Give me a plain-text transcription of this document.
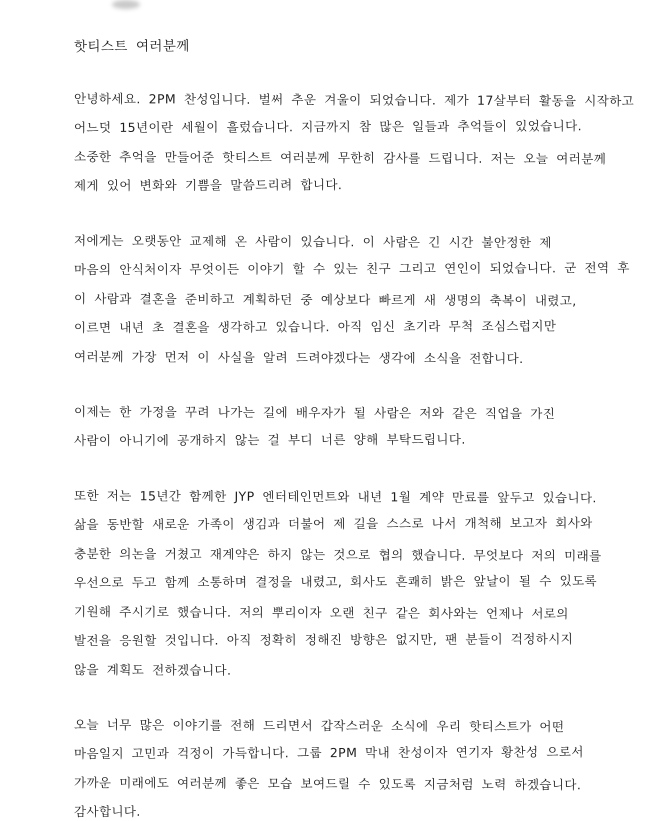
핫티스트 여러분께
안녕하세요. 2PM 찬성입니다. 벌써 추운 겨울이 되었습니다. 제가 17살부터 활동을 시작하고
어느덧 15년이란 세월이 흘렀습니다. 지금까지 참 많은 일들과 추억들이 있었습니다.
소중한 추억을 만들어준 핫티스트 여러분께 무한히 감사를 드립니다. 저는 오늘 여러분께
제게 있어 변화와 기쁨을 말씀드리려 합니다.
저에게는 오랫동안 교제해 온 사람이 있습니다. 이 사람은 긴 시간 불안정한 제
마음의 안식처이자 무엇이든 이야기 할 수 있는 친구 그리고 연인이 되었습니다. 군 전역 후
이 사람과 결혼을 준비하고 계획하던 중 예상보다 빠르게 새 생명의 축복이 내렸고,
이르면 내년 초 결혼을 생각하고 있습니다. 아직 임신 초기라 무척 조심스럽지만
여러분께 가장 먼저 이 사실을 알려 드려야겠다는 생각에 소식을 전합니다.
이제는 한 가정을 꾸려 나가는 길에 배우자가 될 사람은 저와 같은 직업을 가진
사람이 아니기에 공개하지 않는 걸 부디 너른 양해 부탁드립니다.
또한 저는 15년간 함께한 JYP 엔터테인먼트와 내년 1월 계약 만료를 앞두고 있습니다.
삶을 동반할 새로운 가족이 생김과 더불어 제 길을 스스로 나서 개척해 보고자 회사와
충분한 의논을 거쳤고 재계약은 하지 않는 것으로 협의 했습니다. 무엇보다 저의 미래를
우선으로 두고 함께 소통하며 결정을 내렸고, 회사도 흔쾌히 밝은 앞날이 될 수 있도록
기원해 주시기로 했습니다. 저의 뿌리이자 오랜 친구 같은 회사와는 언제나 서로의
발전을 응원할 것입니다. 아직 정확히 정해진 방향은 없지만, 팬 분들이 걱정하시지
않을 계획도 전하겠습니다.
오늘 너무 많은 이야기를 전해 드리면서 갑작스러운 소식에 우리 핫티스트가 어떤
마음일지 고민과 걱정이 가득합니다. 그룹 2PM 막내 찬성이자 연기자 황찬성 으로서
가까운 미래에도 여러분께 좋은 모습 보여드릴 수 있도록 지금처럼 노력 하겠습니다.
감사합니다.
